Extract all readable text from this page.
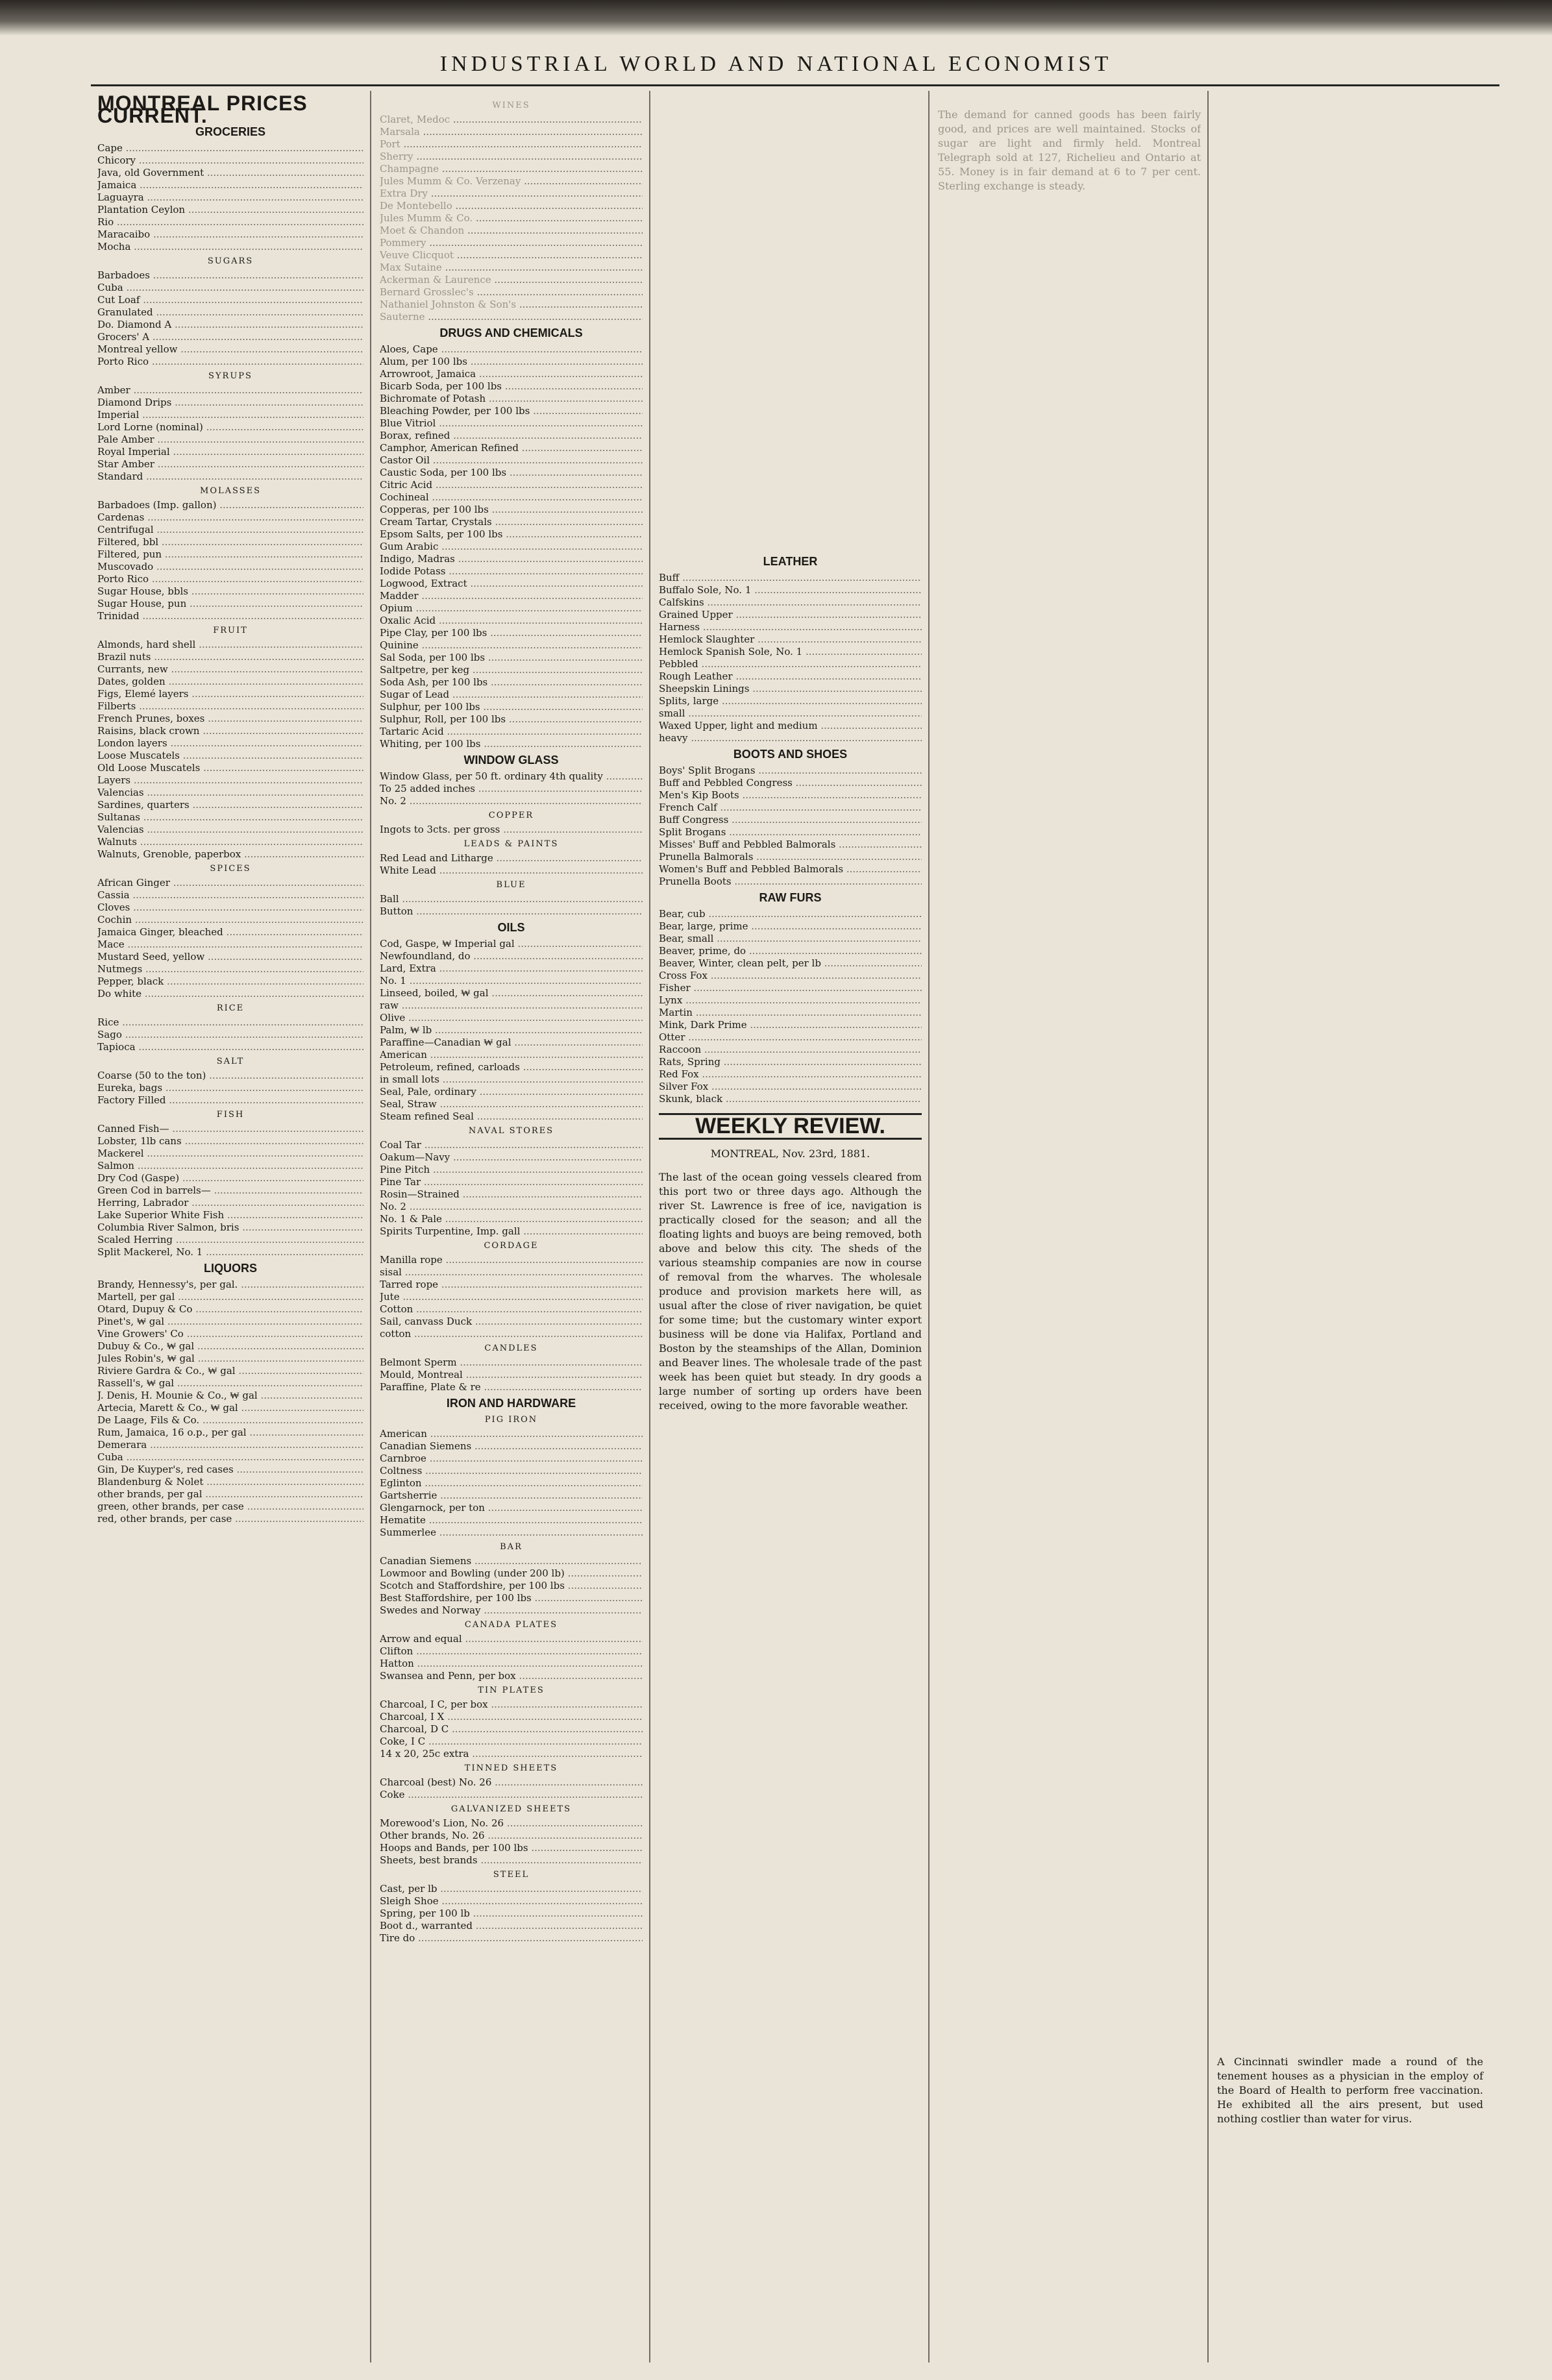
INDUSTRIAL WORLD AND NATIONAL ECONOMIST
MONTREAL PRICES CURRENT.
GROCERIES
Cape .....
Chicory .....
Java, old Government .....
Jamaica .....
Laguayra .....
Plantation Ceylon .....
Rio .....
Maracaibo .....
Mocha .....
SUGARS
Barbadoes .....
Cuba .....
Cut Loaf .....
Granulated .....
Do. Diamond A .....
Grocers' A .....
Montreal yellow .....
Porto Rico .....
SYRUPS
Amber .....
Diamond Drips .....
Imperial .....
Lord Lorne (nominal) .....
Pale Amber .....
Royal Imperial .....
Star Amber .....
Standard .....
MOLASSES
Barbadoes (Imp. gallon) .....
Cardenas .....
Centrifugal .....
Filtered, bbl .....
Filtered, pun .....
Muscovado .....
Porto Rico .....
Sugar House, bbls .....
Sugar House, pun .....
Trinidad .....
FRUIT
Almonds, hard shell .....
Brazil nuts .....
Currants, new .....
Dates, golden .....
Figs, Elemé layers .....
Filberts .....
French Prunes, boxes .....
Raisins, black crown .....
London layers .....
Loose Muscatels .....
Old Loose Muscatels .....
Layers .....
Valencias .....
Sardines, quarters .....
Sultanas .....
Valencias .....
Walnuts .....
Walnuts, Grenoble, paperbox .....
SPICES
African Ginger .....
Cassia .....
Cloves .....
Cochin .....
Jamaica Ginger, bleached .....
Mace .....
Mustard Seed, yellow .....
Nutmegs .....
Pepper, black .....
Do white .....
RICE
Rice .....
Sago .....
Tapioca .....
SALT
Coarse (50 to the ton) .....
Eureka, bags .....
Factory Filled .....
FISH
Canned Fish— .....
Lobster, 1lb cans .....
Mackerel .....
Salmon .....
Dry Cod (Gaspe) .....
Green Cod in barrels— .....
Herring, Labrador .....
Lake Superior White Fish .....
Columbia River Salmon, bris .....
Scaled Herring .....
Split Mackerel, No. 1 .....
LIQUORS
Brandy, Hennessy's, per gal. .....
Martell, per gal .....
Otard, Dupuy & Co .....
Pinet's, ₩ gal .....
Vine Growers' Co .....
Dubuy & Co., ₩ gal .....
Jules Robin's, ₩ gal .....
Riviere Gardra & Co., ₩ gal .....
Rassell's, ₩ gal .....
J. Denis, H. Mounie & Co., ₩ gal .....
Artecia, Marett & Co., ₩ gal .....
De Laage, Fils & Co. .....
Rum, Jamaica, 16 o.p., per gal .....
Demerara .....
Cuba .....
Gin, De Kuyper's, red cases .....
Blandenburg & Nolet .....
other brands, per gal .....
green, other brands, per case .....
red, other brands, per case .....
WINES
Claret, Medoc .....
Marsala .....
Port .....
Sherry .....
Champagne .....
Jules Mumm & Co. Verzenay .....
Extra Dry .....
De Montebello .....
Jules Mumm & Co. .....
Moet & Chandon .....
Pommery .....
Veuve Clicquot .....
Max Sutaine .....
Ackerman & Laurence .....
Bernard Grosslec's .....
Nathaniel Johnston & Son's .....
Sauterne .....
DRUGS AND CHEMICALS
Aloes, Cape .....
Alum, per 100 lbs .....
Arrowroot, Jamaica .....
Bicarb Soda, per 100 lbs .....
Bichromate of Potash .....
Bleaching Powder, per 100 lbs .....
Blue Vitriol .....
Borax, refined .....
Camphor, American Refined .....
Castor Oil .....
Caustic Soda, per 100 lbs .....
Citric Acid .....
Cochineal .....
Copperas, per 100 lbs .....
Cream Tartar, Crystals .....
Epsom Salts, per 100 lbs .....
Gum Arabic .....
Indigo, Madras .....
Iodide Potass .....
Logwood, Extract .....
Madder .....
Opium .....
Oxalic Acid .....
Pipe Clay, per 100 lbs .....
Quinine .....
Sal Soda, per 100 lbs .....
Saltpetre, per keg .....
Soda Ash, per 100 lbs .....
Sugar of Lead .....
Sulphur, per 100 lbs .....
Sulphur, Roll, per 100 lbs .....
Tartaric Acid .....
Whiting, per 100 lbs .....
WINDOW GLASS
Window Glass, per 50 ft. ordinary 4th quality .....
To 25 added inches .....
No. 2 .....
COPPER
Ingots to 3cts. per gross .....
LEADS & PAINTS
Red Lead and Litharge .....
White Lead .....
BLUE
Ball .....
Button .....
OILS
Cod, Gaspe, ₩ Imperial gal .....
Newfoundland, do .....
Lard, Extra .....
No. 1 .....
Linseed, boiled, ₩ gal .....
raw .....
Olive .....
Palm, ₩ lb .....
Paraffine—Canadian ₩ gal .....
American .....
Petroleum, refined, carloads .....
in small lots .....
Seal, Pale, ordinary .....
Seal, Straw .....
Steam refined Seal .....
NAVAL STORES
Coal Tar .....
Oakum—Navy .....
Pine Pitch .....
Pine Tar .....
Rosin—Strained .....
No. 2 .....
No. 1 & Pale .....
Spirits Turpentine, Imp. gall .....
CORDAGE
Manilla rope .....
sisal .....
Tarred rope .....
Jute .....
Cotton .....
Sail, canvass Duck .....
cotton .....
CANDLES
Belmont Sperm .....
Mould, Montreal .....
Paraffine, Plate & re .....
IRON AND HARDWARE
PIG IRON
American .....
Canadian Siemens .....
Carnbroe .....
Coltness .....
Eglinton .....
Gartsherrie .....
Glengarnock, per ton .....
Hematite .....
Summerlee .....
BAR
Canadian Siemens .....
Lowmoor and Bowling (under 200 lb) .....
Scotch and Staffordshire, per 100 lbs .....
Best Staffordshire, per 100 lbs .....
Swedes and Norway .....
CANADA PLATES
Arrow and equal .....
Clifton .....
Hatton .....
Swansea and Penn, per box .....
TIN PLATES
Charcoal, I C, per box .....
Charcoal, I X .....
Charcoal, D C .....
Coke, I C .....
14 x 20, 25c extra .....
TINNED SHEETS
Charcoal (best) No. 26 .....
Coke .....
GALVANIZED SHEETS
Morewood's Lion, No. 26 .....
Other brands, No. 26 .....
Hoops and Bands, per 100 lbs .....
Sheets, best brands .....
STEEL
Cast, per lb .....
Sleigh Shoe .....
Spring, per 100 lb .....
Boot d., warranted .....
Tire do .....
LEATHER
Buff .....
Buffalo Sole, No. 1 .....
Calfskins .....
Grained Upper .....
Harness .....
Hemlock Slaughter .....
Hemlock Spanish Sole, No. 1 .....
Pebbled .....
Rough Leather .....
Sheepskin Linings .....
Splits, large .....
small .....
Waxed Upper, light and medium .....
heavy .....
BOOTS AND SHOES
Boys' Split Brogans .....
Buff and Pebbled Congress .....
Men's Kip Boots .....
French Calf .....
Buff Congress .....
Split Brogans .....
Misses' Buff and Pebbled Balmorals .....
Prunella Balmorals .....
Women's Buff and Pebbled Balmorals .....
Prunella Boots .....
RAW FURS
Bear, cub .....
Bear, large, prime .....
Bear, small .....
Beaver, prime, do .....
Beaver, Winter, clean pelt, per lb .....
Cross Fox .....
Fisher .....
Lynx .....
Martin .....
Mink, Dark Prime .....
Otter .....
Raccoon .....
Rats, Spring .....
Red Fox .....
Silver Fox .....
Skunk, black .....
WEEKLY REVIEW.
MONTREAL, Nov. 23rd, 1881.

The last of the ocean going vessels cleared from this port two or three days ago. Although the river St. Lawrence is free of ice, navigation is practically closed for the season; and all the floating lights and buoys are being removed, both above and below this city. The sheds of the various steamship companies are now in course of removal from the wharves. The wholesale produce and provision markets here will, as usual after the close of river navigation, be quiet for some time; but the customary winter export business will be done via Halifax, Portland and Boston by the steamships of the Allan, Dominion and Beaver lines. The wholesale trade of the past week has been quiet but steady. In dry goods a large number of sorting up orders have been received, owing to the more favorable weather.

The demand for canned goods has been fairly good, and prices are well maintained. Stocks of sugar are light and firmly held. Montreal Telegraph sold at 127, Richelieu and Ontario at 55. Money is in fair demand at 6 to 7 per cent. Sterling exchange is steady.

A Cincinnati swindler made a round of the tenement houses as a physician in the employ of the Board of Health to perform free vaccination. He exhibited all the airs present, but used nothing costlier than water for virus.
